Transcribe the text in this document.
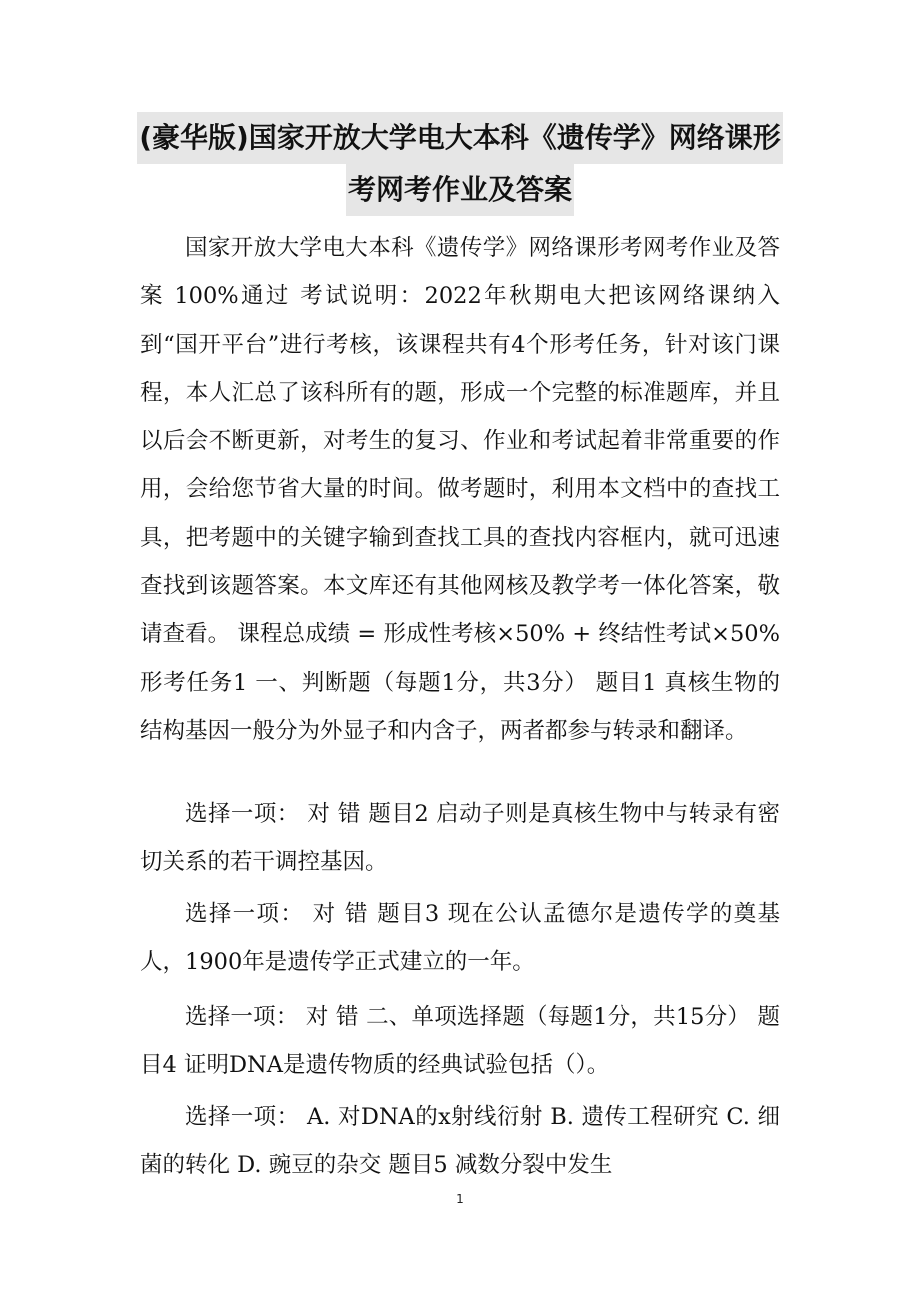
(豪华版)国家开放大学电大本科《遗传学》网络课形
考网考作业及答案

国家开放大学电大本科《遗传学》网络课形考网考作业及答案 100%通过 考试说明：2022年秋期电大把该网络课纳入到“国开平台”进行考核，该课程共有4个形考任务，针对该门课程，本人汇总了该科所有的题，形成一个完整的标准题库，并且以后会不断更新，对考生的复习、作业和考试起着非常重要的作用，会给您节省大量的时间。做考题时，利用本文档中的查找工具，把考题中的关键字输到查找工具的查找内容框内，就可迅速查找到该题答案。本文库还有其他网核及教学考一体化答案，敬请查看。 课程总成绩 = 形成性考核×50% + 终结性考试×50% 形考任务1 一、判断题（每题1分，共3分） 题目1 真核生物的结构基因一般分为外显子和内含子，两者都参与转录和翻译。

选择一项： 对 错 题目2 启动子则是真核生物中与转录有密切关系的若干调控基因。

选择一项： 对 错 题目3 现在公认孟德尔是遗传学的奠基人，1900年是遗传学正式建立的一年。

选择一项： 对 错 二、单项选择题（每题1分，共15分） 题目4 证明DNA是遗传物质的经典试验包括（）。

选择一项： A. 对DNA的x射线衍射 B. 遗传工程研究 C. 细菌的转化 D. 豌豆的杂交 题目5 减数分裂中发生

1
